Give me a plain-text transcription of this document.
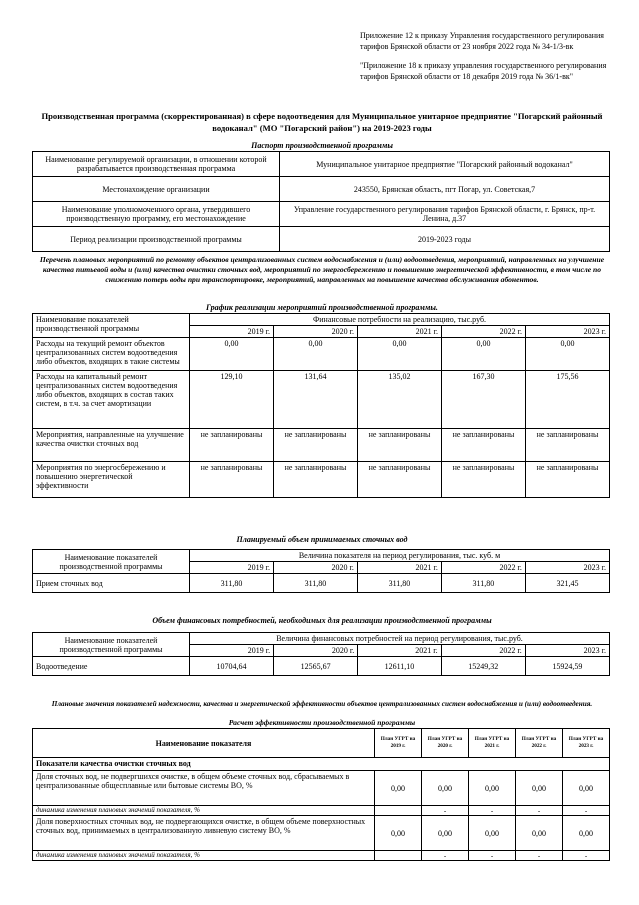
Приложение 12 к приказу Управления государственного регулирования тарифов Брянской области от 23 ноября 2022 года № 34-1/3-вк

"Приложение 18 к приказу управления государственного регулирования тарифов Брянской области от 18 декабря 2019 года № 36/1-вк"

Производственная программа (скорректированная) в сфере водоотведения для Муниципальное унитарное предприятие "Погарский районный водоканал" (МО "Погарский район") на 2019-2023 годы
Паспорт производственной программы
Наименование регулируемой организации, в отношении которой разрабатывается производственная программа	Муниципальное унитарное предприятие "Погарский районный водоканал"
Местонахождение организации	243550, Брянская область, пгт Погар, ул. Советская,7
Наименование уполномоченного органа, утвердившего производственную программу, его местонахождение	Управление государственного регулирования тарифов Брянской области, г. Брянск, пр-т. Ленина, д.37
Период реализации производственной программы	2019-2023 годы
Перечень плановых мероприятий по ремонту объектов централизованных систем водоснабжения и (или) водоотведения, мероприятий, направленных на улучшение качества питьевой воды и (или) качества очистки сточных вод, мероприятий по энергосбережению и повышению энергетической эффективности, в том числе по снижению потерь воды при транспортировке, мероприятий, направленных на повышение качества обслуживания абонентов.
График реализации мероприятий производственной программы.
Наименование показателей производственной программы	Финансовые потребности на реализацию, тыс.руб.				
	2019 г.	2020 г.	2021 г.	2022 г.	2023 г.
Расходы на текущий ремонт объектов централизованных систем водоотведения либо объектов, входящих в такие системы	0,00	0,00	0,00	0,00	0,00
Расходы на капитальный ремонт централизованных систем водоотведения либо объектов, входящих в состав таких систем, в т.ч. за счет амортизации	129,10	131,64	135,02	167,30	175,56
Мероприятия, направленные на улучшение качества очистки сточных вод	не запланированы	не запланированы	не запланированы	не запланированы	не запланированы
Мероприятия по энергосбережению и повышению энергетической эффективности	не запланированы	не запланированы	не запланированы	не запланированы	не запланированы
Планируемый объем принимаемых сточных вод
Наименование показателей производственной программы	Величина показателя на период регулирования, тыс. куб. м				
	2019 г.	2020 г.	2021 г.	2022 г.	2023 г.
Прием сточных вод	311,80	311,80	311,80	311,80	321,45
Объем финансовых потребностей, необходимых для реализации производственной программы
Наименование показателей производственной программы	Величина финансовых потребностей на период регулирования, тыс.руб.				
	2019 г.	2020 г.	2021 г.	2022 г.	2023 г.
Водоотведение	10704,64	12565,67	12611,10	15249,32	15924,59
Плановые значения показателей надежности, качества и энергетической эффективности объектов централизованных систем водоснабжения и (или) водоотведения.
Расчет эффективности производственной программы
Наименование показателя	План УГРТ на 2019 г.	План УГРТ на 2020 г.	План УГРТ на 2021 г.	План УГРТ на 2022 г.	План УГРТ на 2023 г.
Показатели качества очистки сточных вод					
Доля сточных вод, не подвергшихся очистке, в общем объеме сточных вод, сбрасываемых в централизованные общесплавные или бытовые системы ВО, %	0,00	0,00	0,00	0,00	0,00
динамика изменения плановых значений показателя, %		-	-	-	-
Доля поверхностных сточных вод, не подвергающихся очистке, в общем объеме поверхностных сточных вод, принимаемых в централизованную ливневую систему ВО, %	0,00	0,00	0,00	0,00	0,00
динамика изменения плановых значений показателя, %		-	-	-	-
